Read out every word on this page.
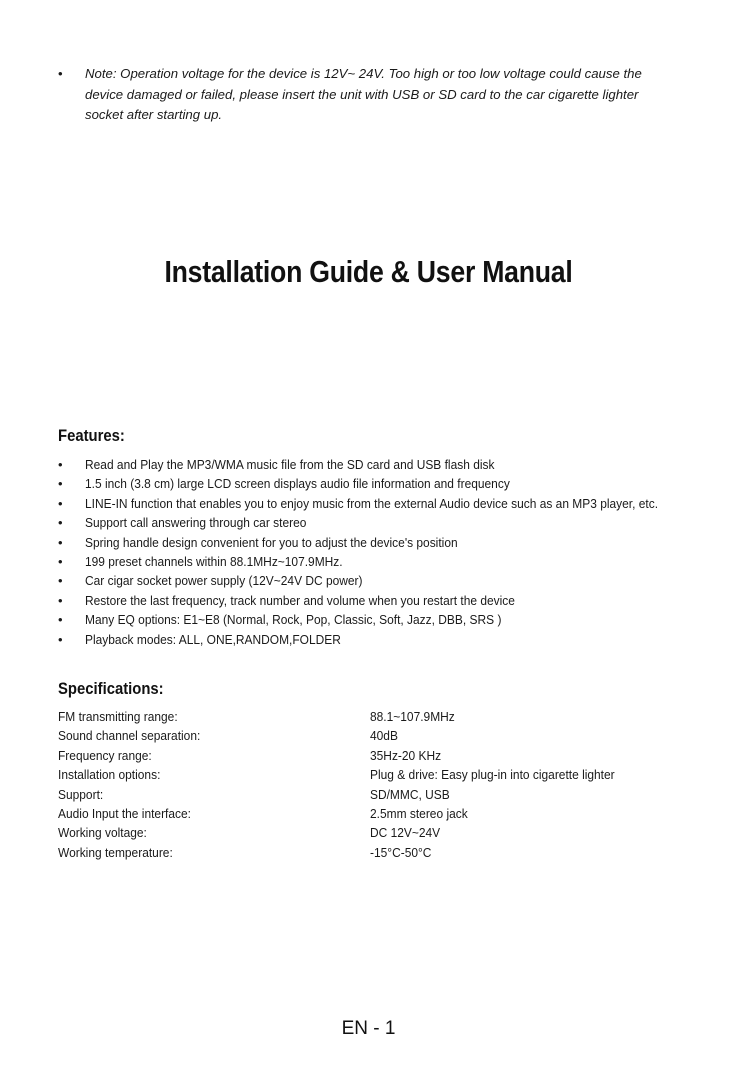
•	Note: Operation voltage for the device is 12V~ 24V. Too high or too low voltage could cause the device damaged or failed, please insert the unit with USB or SD card to the car cigarette lighter socket after starting up.
Installation Guide & User Manual
Features:
•	Read and Play the MP3/WMA music file from the SD card and USB flash disk
•	1.5 inch (3.8 cm) large LCD screen displays audio file information and frequency
•	LINE-IN function that enables you to enjoy music from the external Audio device such as an MP3 player, etc.
•	Support call answering through car stereo
•	Spring handle design convenient for you to adjust the device's position
•	199 preset channels within 88.1MHz~107.9MHz.
•	Car cigar socket power supply (12V~24V DC power)
•	Restore the last frequency, track number and volume when you restart the device
•	Many EQ options: E1~E8 (Normal, Rock, Pop, Classic, Soft, Jazz, DBB, SRS )
•	Playback modes: ALL, ONE,RANDOM,FOLDER
Specifications:
FM transmitting range:	88.1~107.9MHz
Sound channel separation:	40dB
Frequency range:	35Hz-20 KHz
Installation options:	Plug & drive: Easy plug-in into cigarette lighter
Support:	SD/MMC, USB
Audio Input the interface:	2.5mm stereo jack
Working voltage:	DC 12V~24V
Working temperature:	-15°C-50°C
EN - 1
